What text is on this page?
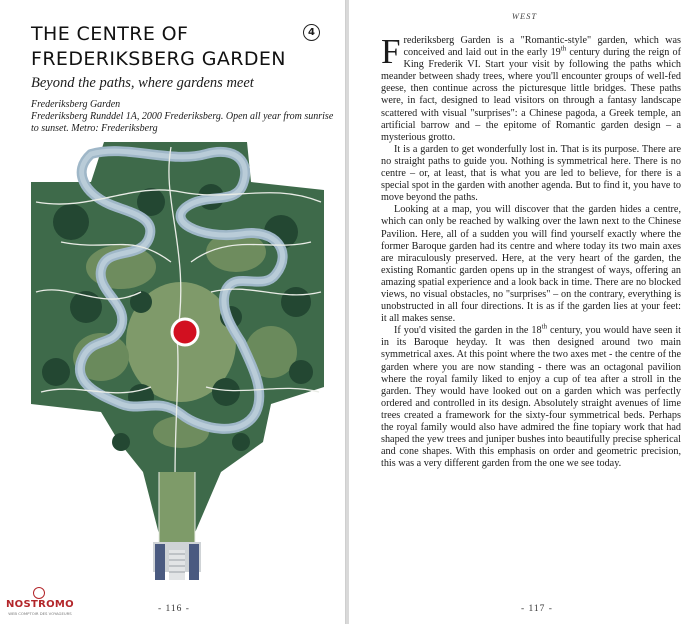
THE CENTRE OF
FREDERIKSBERG GARDEN
4
Beyond the paths, where gardens meet
Frederiksberg Garden
Frederiksberg Runddel 1A, 2000 Frederiksberg. Open all year from sunrise
to sunset. Metro: Frederiksberg
NOSTROMO
WEB COMPTOIR DES VOYAGEURS	- 116 -
WEST

Frederiksberg Garden is a "Romantic-style" garden, which was conceived and laid out in the early 19th century during the reign of King Frederik VI. Start your visit by following the paths which meander between shady trees, where you'll encounter groups of well-fed geese, then continue across the picturesque little bridges. These paths were, in fact, designed to lead visitors on through a fantasy landscape scattered with visual "surprises": a Chinese pagoda, a Greek temple, an artificial barrow and – the epitome of Romantic garden design – a mysterious grotto.

It is a garden to get wonderfully lost in. That is its purpose. There are no straight paths to guide you. Nothing is symmetrical here. There is no centre – or, at least, that is what you are led to believe, for there is a special spot in the garden with another agenda. But to find it, you have to move beyond the paths.

Looking at a map, you will discover that the garden hides a centre, which can only be reached by walking over the lawn next to the Chinese Pavilion. Here, all of a sudden you will find yourself exactly where the former Baroque garden had its centre and where today its two main axes are miraculously preserved. Here, at the very heart of the garden, the existing Romantic garden opens up in the strangest of ways, offering an amazing spatial experience and a look back in time. There are no blocked views, no visual obstacles, no "surprises" – on the contrary, everything is unobstructed in all four directions. It is as if the garden lies at your feet: it all makes sense.

If you'd visited the garden in the 18th century, you would have seen it in its Baroque heyday. It was then designed around two main symmetrical axes. At this point where the two axes met - the centre of the garden where you are now standing - there was an octagonal pavilion where the royal family liked to enjoy a cup of tea after a stroll in the garden. They would have looked out on a garden which was perfectly ordered and controlled in its design. Absolutely straight avenues of lime trees created a framework for the sixty-four symmetrical beds. Perhaps the royal family would also have admired the fine topiary work that had shaped the yew trees and juniper bushes into beautifully precise spherical and cone shapes. With this emphasis on order and geometric precision, this was a very different garden from the one we see today.

- 117 -
